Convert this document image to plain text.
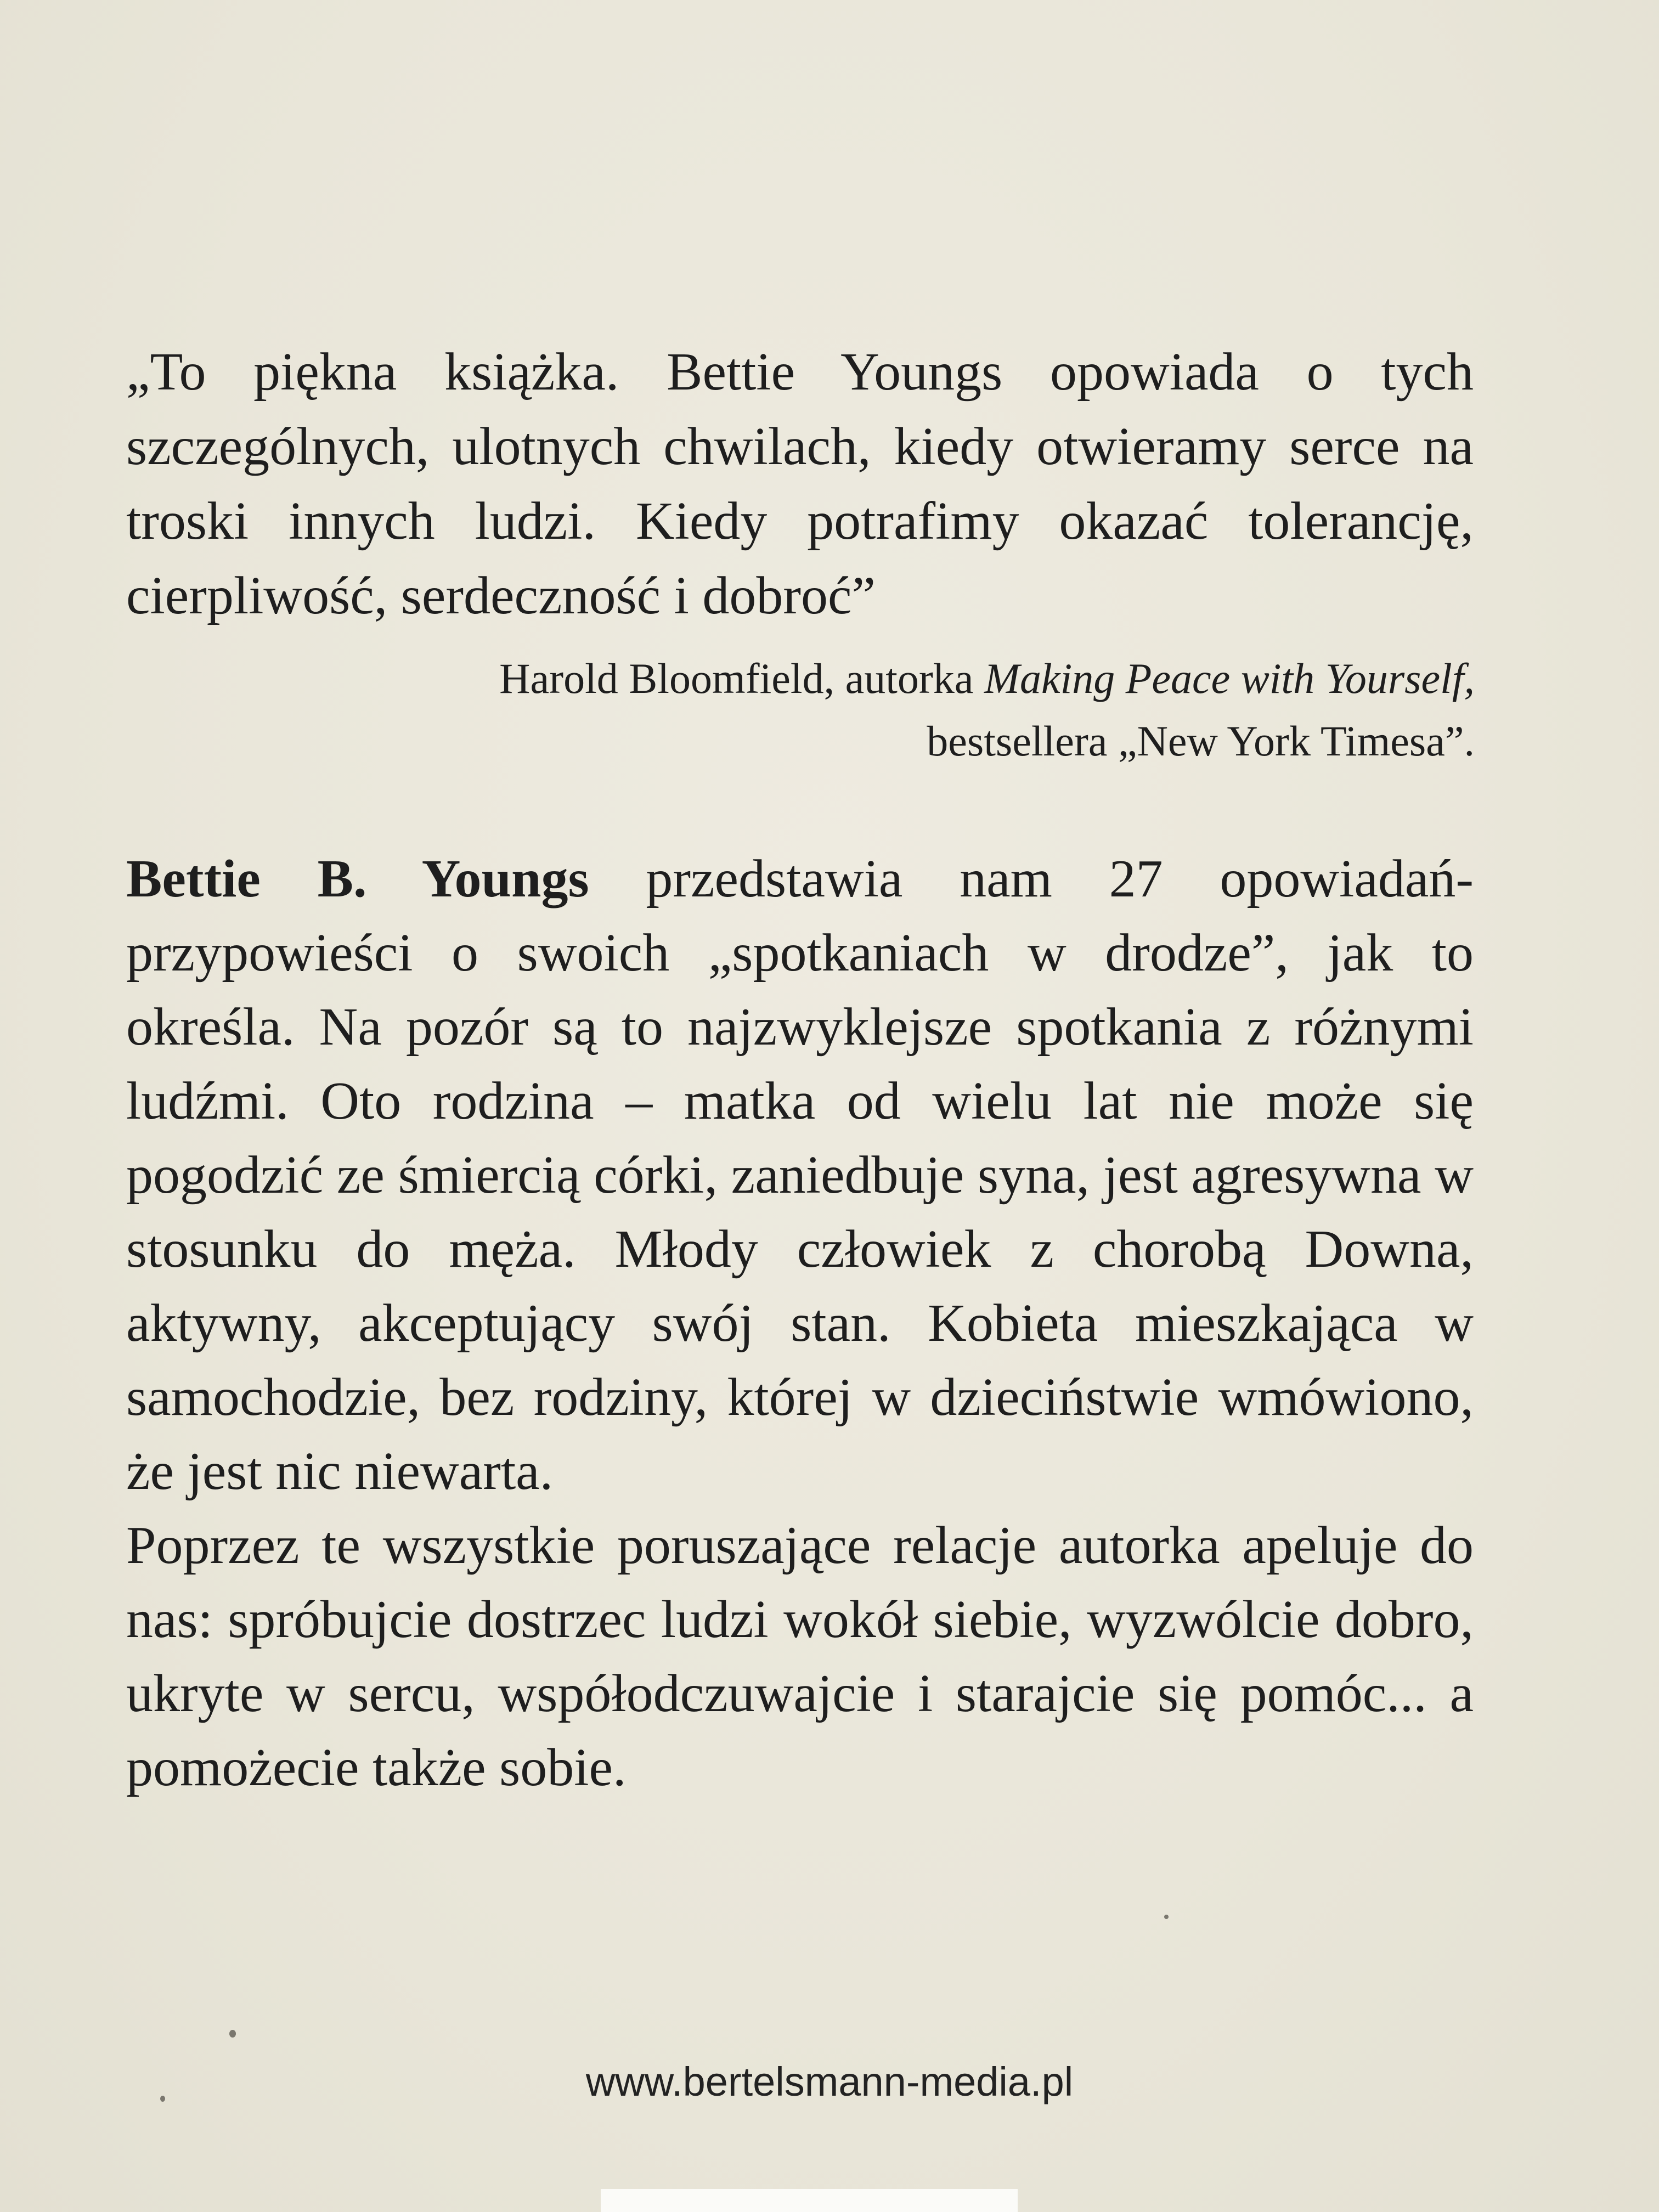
„To piękna książka. Bettie Youngs opowiada o tych szczególnych, ulotnych chwilach, kiedy otwieramy serce na troski innych ludzi. Kiedy potrafimy okazać tolerancję, cierpliwość, serdeczność i dobroć”

Harold Bloomfield, autorka Making Peace with Yourself,
bestsellera „New York Timesa”.

Bettie B. Youngs przedstawia nam 27 opowiadań-przypowieści o swoich „spotkaniach w drodze”, jak to określa. Na pozór są to najzwyklejsze spotkania z różnymi ludźmi. Oto rodzina – matka od wielu lat nie może się pogodzić ze śmiercią córki, zaniedbuje syna, jest agresywna w stosunku do męża. Młody człowiek z chorobą Downa, aktywny, akceptujący swój stan. Kobieta mieszkająca w samochodzie, bez rodziny, której w dzieciństwie wmówiono, że jest nic niewarta.

Poprzez te wszystkie poruszające relacje autorka apeluje do nas: spróbujcie dostrzec ludzi wokół siebie, wyzwólcie dobro, ukryte w sercu, współodczuwajcie i starajcie się pomóc... a pomożecie także sobie.

www.bertelsmann-media.pl
